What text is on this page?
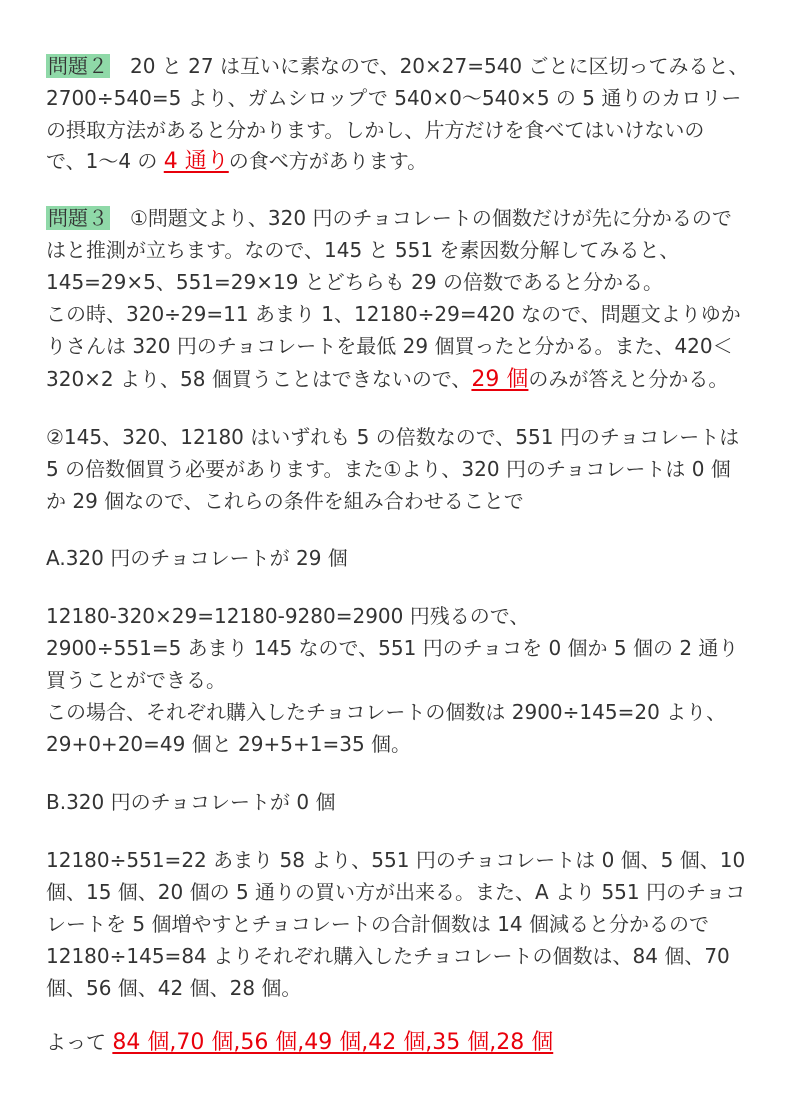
問題２　20 と 27 は互いに素なので、20×27=540 ごとに区切ってみると、
2700÷540=5 より、ガムシロップで 540×0〜540×5 の 5 通りのカロリー
の摂取方法があると分かります。しかし、片方だけを食べてはいけないの
で、1〜4 の 4 通りの食べ方があります。
問題３　①問題文より、320 円のチョコレートの個数だけが先に分かるので
はと推測が立ちます。なので、145 と 551 を素因数分解してみると、
145=29×5、551=29×19 とどちらも 29 の倍数であると分かる。
この時、320÷29=11 あまり 1、12180÷29=420 なので、問題文よりゆか
りさんは 320 円のチョコレートを最低 29 個買ったと分かる。また、420＜
320×2 より、58 個買うことはできないので、29 個のみが答えと分かる。
②145、320、12180 はいずれも 5 の倍数なので、551 円のチョコレートは
5 の倍数個買う必要があります。また①より、320 円のチョコレートは 0 個
か 29 個なので、これらの条件を組み合わせることで
A.320 円のチョコレートが 29 個
12180-320×29=12180-9280=2900 円残るので、
2900÷551=5 あまり 145 なので、551 円のチョコを 0 個か 5 個の 2 通り
買うことができる。
この場合、それぞれ購入したチョコレートの個数は 2900÷145=20 より、
29+0+20=49 個と 29+5+1=35 個。
B.320 円のチョコレートが 0 個
12180÷551=22 あまり 58 より、551 円のチョコレートは 0 個、5 個、10
個、15 個、20 個の 5 通りの買い方が出来る。また、A より 551 円のチョコ
レートを 5 個増やすとチョコレートの合計個数は 14 個減ると分かるので
12180÷145=84 よりそれぞれ購入したチョコレートの個数は、84 個、70
個、56 個、42 個、28 個。
よって 84 個,70 個,56 個,49 個,42 個,35 個,28 個
